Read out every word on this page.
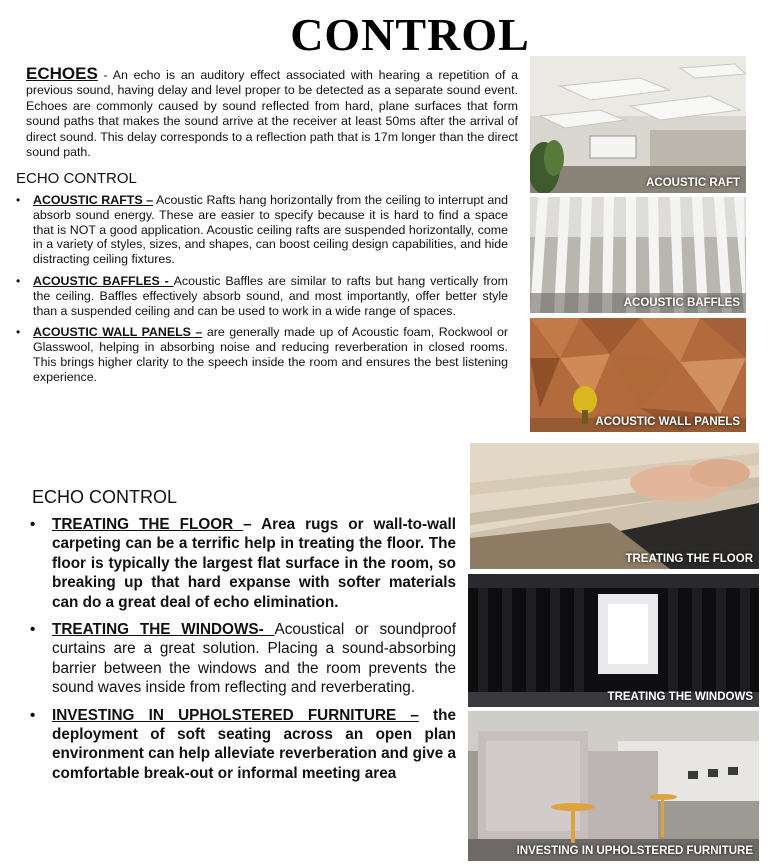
CONTROL
ECHOES - An echo is an auditory effect associated with hearing a repetition of a previous sound, having delay and level proper to be detected as a separate sound event. Echoes are commonly caused by sound reflected from hard, plane surfaces that form sound paths that makes the sound arrive at the receiver at least 50ms after the arrival of direct sound. This delay corresponds to a reflection path that is 17m longer than the direct sound path.
ECHO CONTROL
• ACOUSTIC RAFTS – Acoustic Rafts hang horizontally from the ceiling to interrupt and absorb sound energy. These are easier to specify because it is hard to find a space that is NOT a good application. Acoustic ceiling rafts are suspended horizontally, come in a variety of styles, sizes, and shapes, can boost ceiling design capabilities, and hide distracting ceiling fixtures.
• ACOUSTIC BAFFLES - Acoustic Baffles are similar to rafts but hang vertically from the ceiling. Baffles effectively absorb sound, and most importantly, offer better style than a suspended ceiling and can be used to work in a wide range of spaces.
• ACOUSTIC WALL PANELS – are generally made up of Acoustic foam, Rockwool or Glasswool, helping in absorbing noise and reducing reverberation in closed rooms. This brings higher clarity to the speech inside the room and ensures the best listening experience.
ACOUSTIC RAFT
ACOUSTIC BAFFLES
ACOUSTIC WALL PANELS
ECHO CONTROL
• TREATING THE FLOOR – Area rugs or wall-to-wall carpeting can be a terrific help in treating the floor. The floor is typically the largest flat surface in the room, so breaking up that hard expanse with softer materials can do a great deal of echo elimination.
• TREATING THE WINDOWS- Acoustical or soundproof curtains are a great solution. Placing a sound-absorbing barrier between the windows and the room prevents the sound waves inside from reflecting and reverberating.
• INVESTING IN UPHOLSTERED FURNITURE – the deployment of soft seating across an open plan environment can help alleviate reverberation and give a comfortable break-out or informal meeting area
TREATING THE FLOOR
TREATING THE WINDOWS
INVESTING IN UPHOLSTERED FURNITURE
